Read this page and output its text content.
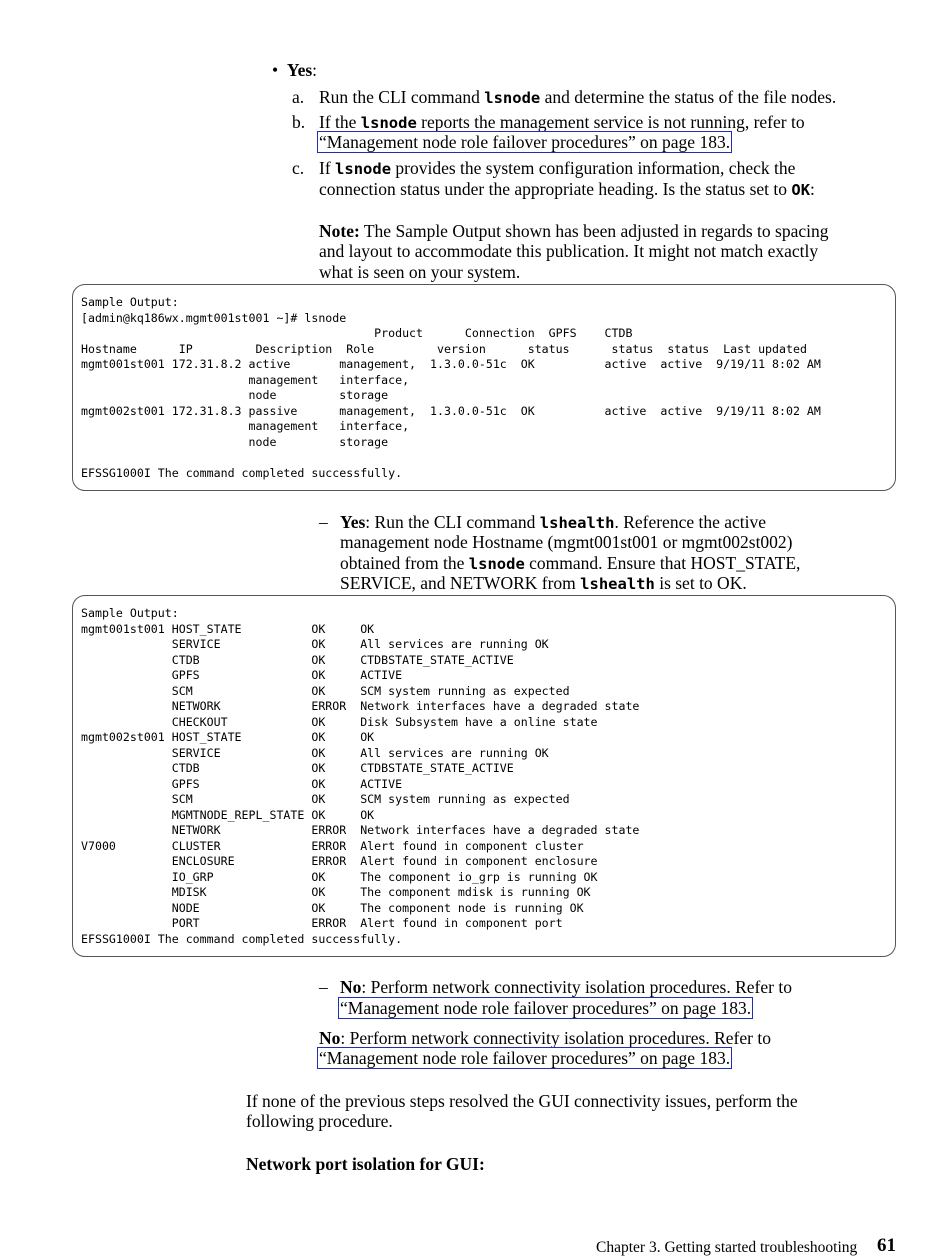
• Yes:
a. Run the CLI command lsnode and determine the status of the file nodes.
b. If the lsnode reports the management service is not running, refer to
“Management node role failover procedures” on page 183.
c. If lsnode provides the system configuration information, check the
connection status under the appropriate heading. Is the status set to OK:
Note: The Sample Output shown has been adjusted in regards to spacing
and layout to accommodate this publication. It might not match exactly
what is seen on your system.
Sample Output:
[admin@kq186wx.mgmt001st001 ~]# lsnode
Product      Connection  GPFS    CTDB
Hostname      IP         Description  Role         version      status      status  status  Last updated
mgmt001st001 172.31.8.2 active       management,  1.3.0.0-51c  OK          active  active  9/19/11 8:02 AM
management   interface,
node         storage
mgmt002st001 172.31.8.3 passive      management,  1.3.0.0-51c  OK          active  active  9/19/11 8:02 AM
management   interface,
node         storage

EFSSG1000I The command completed successfully.
– Yes: Run the CLI command lshealth. Reference the active
management node Hostname (mgmt001st001 or mgmt002st002)
obtained from the lsnode command. Ensure that HOST_STATE,
SERVICE, and NETWORK from lshealth is set to OK.
Sample Output:
mgmt001st001 HOST_STATE          OK     OK
SERVICE             OK     All services are running OK
CTDB                OK     CTDBSTATE_STATE_ACTIVE
GPFS                OK     ACTIVE
SCM                 OK     SCM system running as expected
NETWORK             ERROR  Network interfaces have a degraded state
CHECKOUT            OK     Disk Subsystem have a online state
mgmt002st001 HOST_STATE          OK     OK
SERVICE             OK     All services are running OK
CTDB                OK     CTDBSTATE_STATE_ACTIVE
GPFS                OK     ACTIVE
SCM                 OK     SCM system running as expected
MGMTNODE_REPL_STATE OK     OK
NETWORK             ERROR  Network interfaces have a degraded state
V7000        CLUSTER             ERROR  Alert found in component cluster
ENCLOSURE           ERROR  Alert found in component enclosure
IO_GRP              OK     The component io_grp is running OK
MDISK               OK     The component mdisk is running OK
NODE                OK     The component node is running OK
PORT                ERROR  Alert found in component port
EFSSG1000I The command completed successfully.
– No: Perform network connectivity isolation procedures. Refer to
“Management node role failover procedures” on page 183.
No: Perform network connectivity isolation procedures. Refer to
“Management node role failover procedures” on page 183.
If none of the previous steps resolved the GUI connectivity issues, perform the
following procedure.
Network port isolation for GUI:
Chapter 3. Getting started troubleshooting 61
